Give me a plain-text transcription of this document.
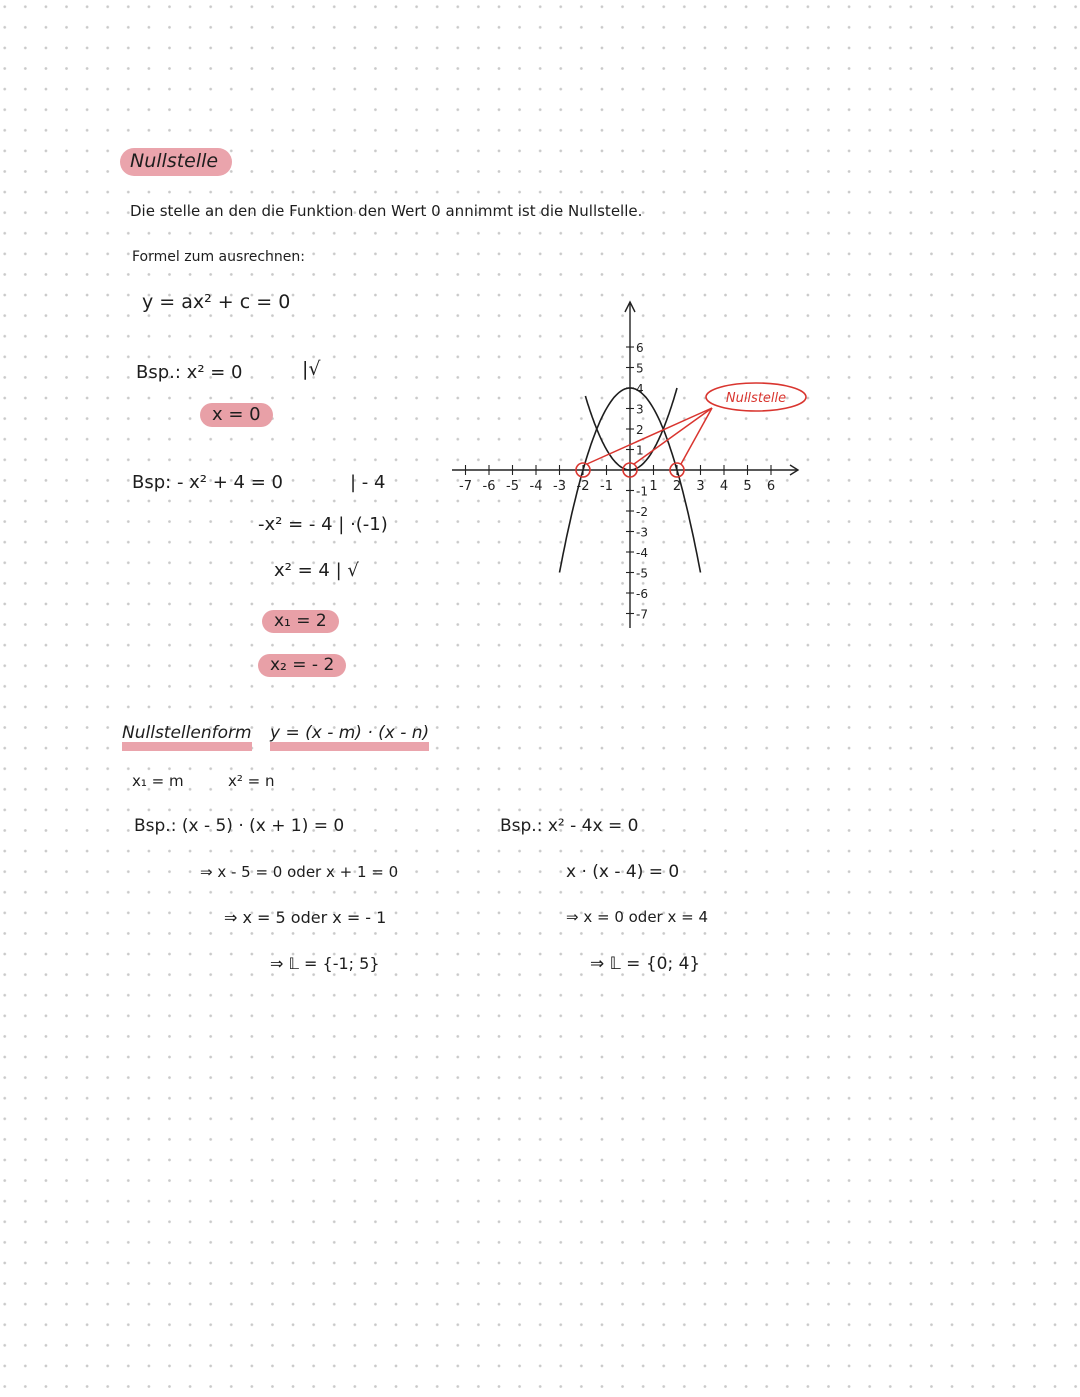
Nullstelle
Die stelle an den die Funktion den Wert 0 annimmt ist die Nullstelle.
Formel zum ausrechnen:
y = ax² + c = 0
Bsp.: x² = 0	|√
x = 0
Bsp: - x² + 4 = 0	| - 4
-x² = - 4 | ·(-1)
x² = 4 | √
x₁ = 2
x₂ = - 2
-7 -6 -5 -4 -3 -2 -1	1 2 3 4 5 6
6
5
4
3
2
1
-1
-2
-3
-4
-5
-6
-7
Nullstelle
Nullstellenform y = (x - m) · (x - n)
x₁ = m	x² = n
Bsp.: (x - 5) · (x + 1) = 0
⇒ x - 5 = 0 oder x + 1 = 0
⇒ x = 5 oder x = - 1
⇒ 𝕃 = {-1; 5}
Bsp.: x² - 4x = 0
x · (x - 4) = 0
⇒ x = 0 oder x = 4
⇒ 𝕃 = {0; 4}
